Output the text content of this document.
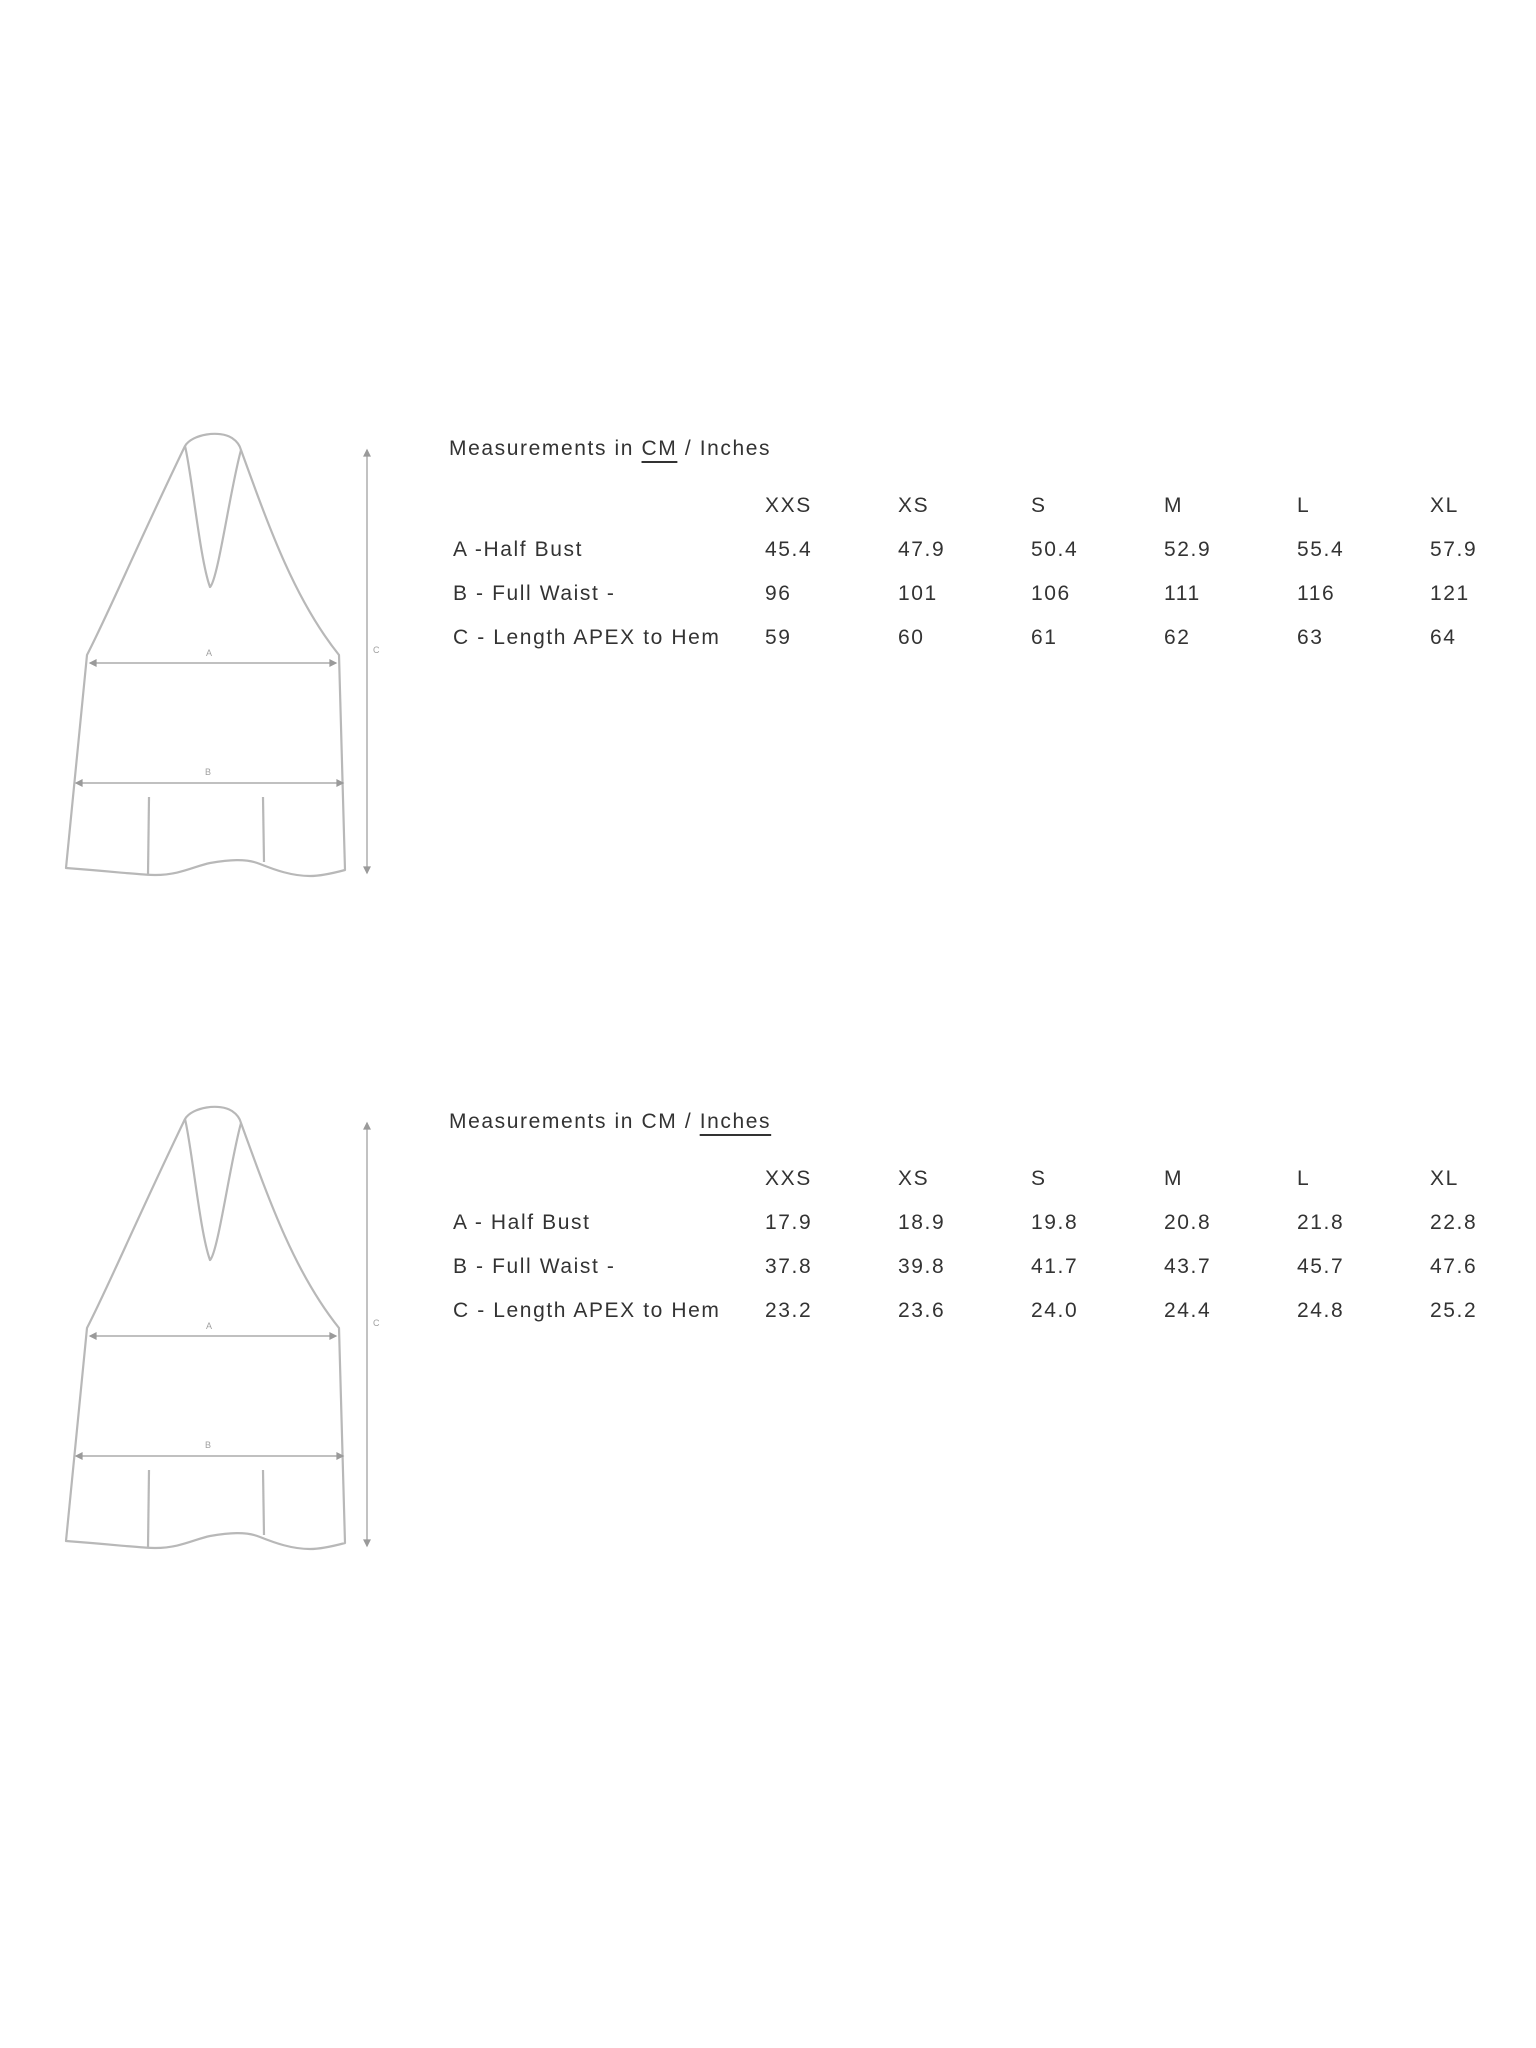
A
B
C
Measurements in CM / Inches
	XXS	XS	S	M	L	XL
A -Half Bust	45.4	47.9	50.4	52.9	55.4	57.9
B - Full Waist -	96	101	106	111	116	121
C - Length APEX to Hem	59	60	61	62	63	64
A
B
C
Measurements in CM / Inches
	XXS	XS	S	M	L	XL
A - Half Bust	17.9	18.9	19.8	20.8	21.8	22.8
B - Full Waist -	37.8	39.8	41.7	43.7	45.7	47.6
C - Length APEX to Hem	23.2	23.6	24.0	24.4	24.8	25.2
